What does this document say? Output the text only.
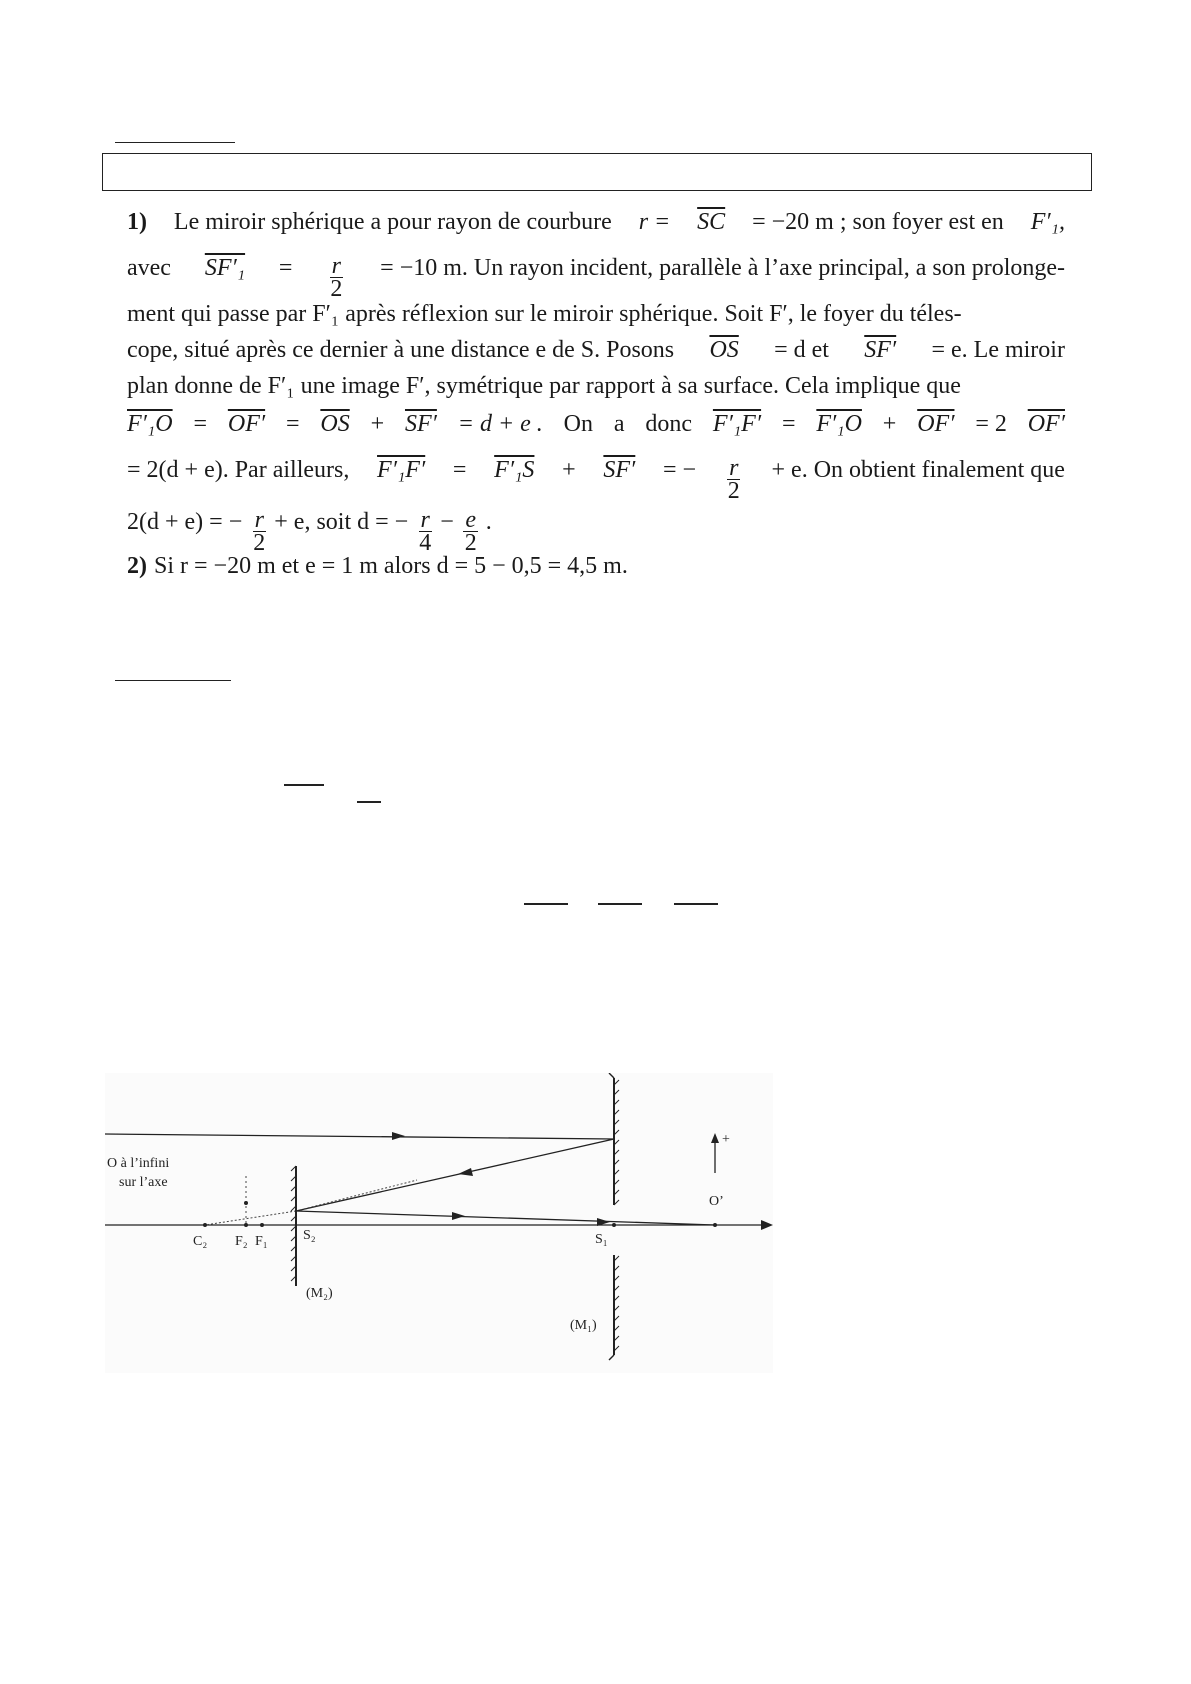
1) Le miroir sphérique a pour rayon de courbure $r = \overline{SC} = -20$ m ; son foyer est en F′₁,
avec $SF'_1 = \frac{r}{2} = -10$ m. Un rayon incident, parallèle à l’axe principal, a son prolonge-
ment qui passe par F′₁ après réflexion sur le miroir sphérique. Soit F′, le foyer du téles-
cope, situé après ce dernier à une distance e de S. Posons $\overline{OS} = d$ et SF′ = e. Le miroir
plan donne de F′₁ une image F′, symétrique par rapport à sa surface. Cela implique que
$F'_1O = OF' = \overline{OS} + SF' = d + e$ . On a donc F′₁F′ = F′₁O + OF′ = 2 OF′
= 2(d + e). Par ailleurs, F′₁F′ = F′₁S + SF′ = − $\frac{r}{2} + e$. On obtient finalement que
2(d + e) = − $\frac{r}{2} + e$, soit d = − $\frac{r}{4} - \frac{e}{2}$ .
2) Si r = −20 m et e = 1 m alors d = 5 − 0,5 = 4,5 m.
O à l’infini
sur l’axe
C₂ F₂ F₁	S₂	S₁
O’
(M₂)
(M₁)
+
